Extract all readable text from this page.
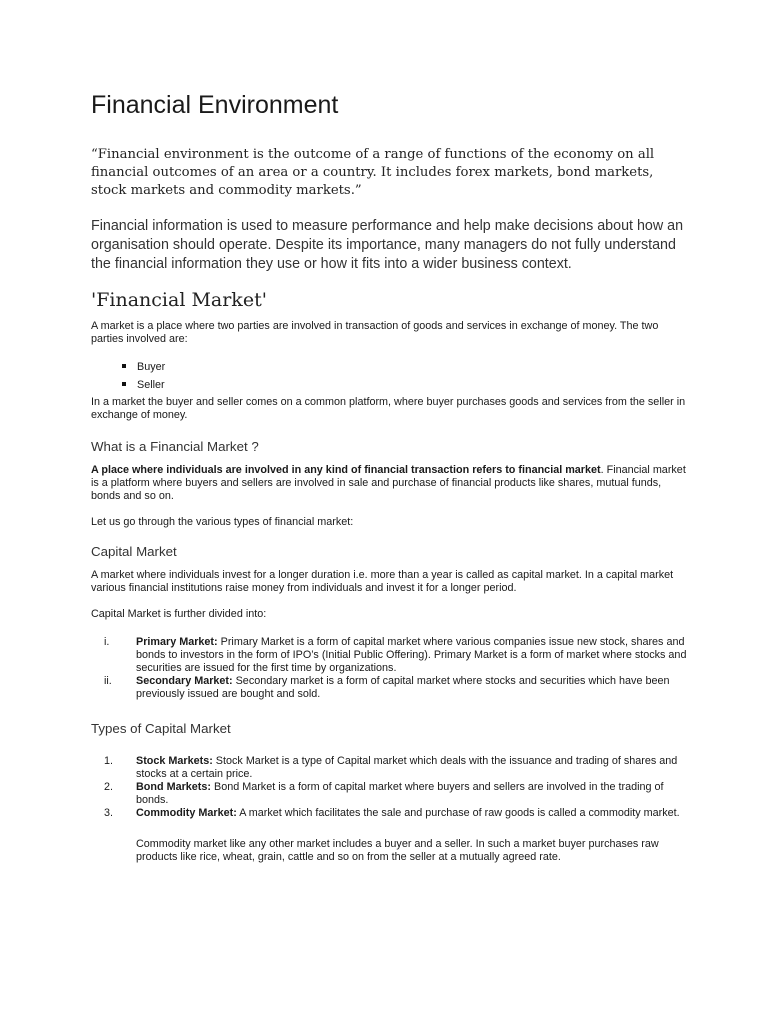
Financial Environment

“Financial environment is the outcome of a range of functions of the economy on all financial outcomes of an area or a country. It includes forex markets, bond markets, stock markets and commodity markets.”

Financial information is used to measure performance and help make decisions about how an organisation should operate. Despite its importance, many managers do not fully understand the financial information they use or how it fits into a wider business context.

'Financial Market'

A market is a place where two parties are involved in transaction of goods and services in exchange of money. The two parties involved are:

Buyer
Seller

In a market the buyer and seller comes on a common platform, where buyer purchases goods and services from the seller in exchange of money.

What is a Financial Market ?

A place where individuals are involved in any kind of financial transaction refers to financial market. Financial market is a platform where buyers and sellers are involved in sale and purchase of financial products like shares, mutual funds, bonds and so on.

Let us go through the various types of financial market:

Capital Market

A market where individuals invest for a longer duration i.e. more than a year is called as capital market. In a capital market various financial institutions raise money from individuals and invest it for a longer period.

Capital Market is further divided into:

i. Primary Market: Primary Market is a form of capital market where various companies issue new stock, shares and bonds to investors in the form of IPO’s (Initial Public Offering). Primary Market is a form of market where stocks and securities are issued for the first time by organizations.
ii. Secondary Market: Secondary market is a form of capital market where stocks and securities which have been previously issued are bought and sold.
Types of Capital Market
1. Stock Markets: Stock Market is a type of Capital market which deals with the issuance and trading of shares and stocks at a certain price.
2. Bond Markets: Bond Market is a form of capital market where buyers and sellers are involved in the trading of bonds.
3. Commodity Market: A market which facilitates the sale and purchase of raw goods is called a commodity market.

Commodity market like any other market includes a buyer and a seller. In such a market buyer purchases raw products like rice, wheat, grain, cattle and so on from the seller at a mutually agreed rate.
